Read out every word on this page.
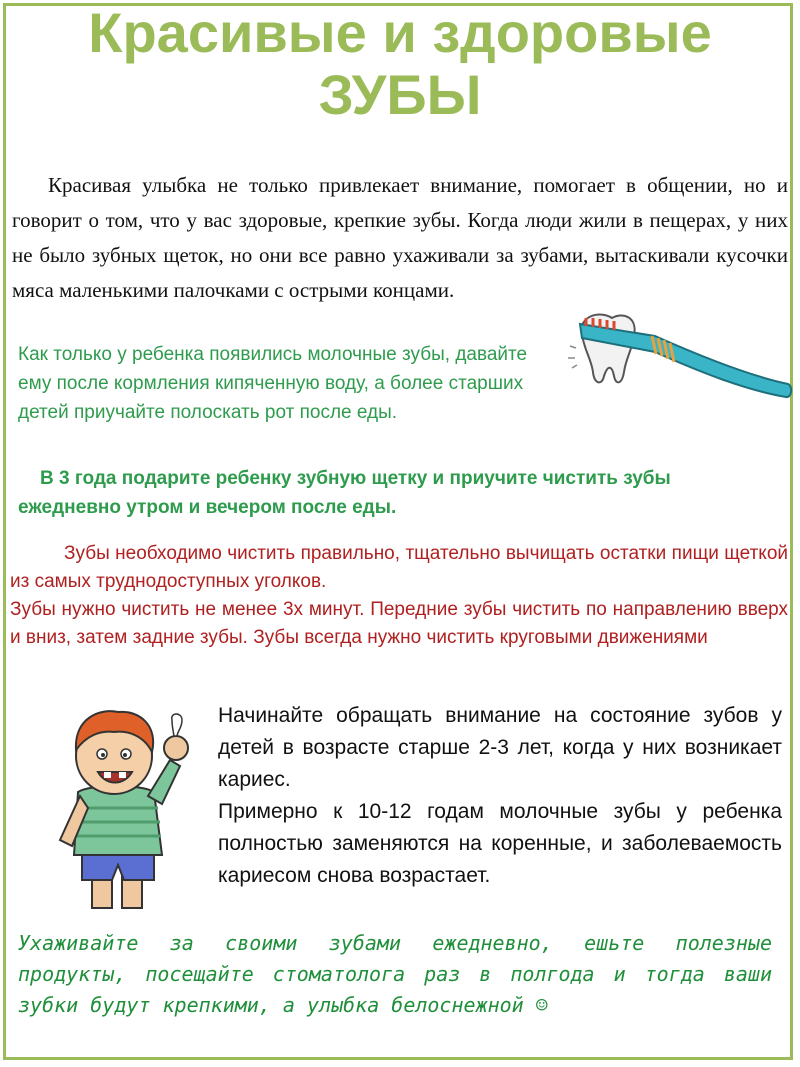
Красивые и здоровые
ЗУБЫ

Красивая улыбка не только привлекает внимание, помогает в общении, но и говорит о том, что у вас здоровые, крепкие зубы. Когда люди жили в пещерах, у них не было зубных щеток, но они все равно ухаживали за зубами, вытаскивали кусочки мяса маленькими палочками с острыми концами.

Как только у ребенка появились молочные зубы, давайте ему после кормления кипяченную воду, а более старших детей приучайте полоскать рот после еды.

В 3 года подарите ребенку зубную щетку и приучите чистить зубы ежедневно утром и вечером после еды.

Зубы необходимо чистить правильно, тщательно вычищать остатки пищи щеткой из самых труднодоступных уголков.

Зубы нужно чистить не менее 3х минут. Передние зубы чистить по направлению вверх и вниз, затем задние зубы. Зубы всегда нужно чистить круговыми движениями

Начинайте обращать внимание на состояние зубов у детей в возрасте старше 2-3 лет, когда у них возникает кариес.

Примерно к 10-12 годам молочные зубы у ребенка полностью заменяются на коренные, и заболеваемость кариесом снова возрастает.

Ухаживайте за своими зубами ежедневно, ешьте полезные продукты, посещайте стоматолога раз в полгода и тогда ваши зубки будут крепкими, а улыбка белоснежной ☺
